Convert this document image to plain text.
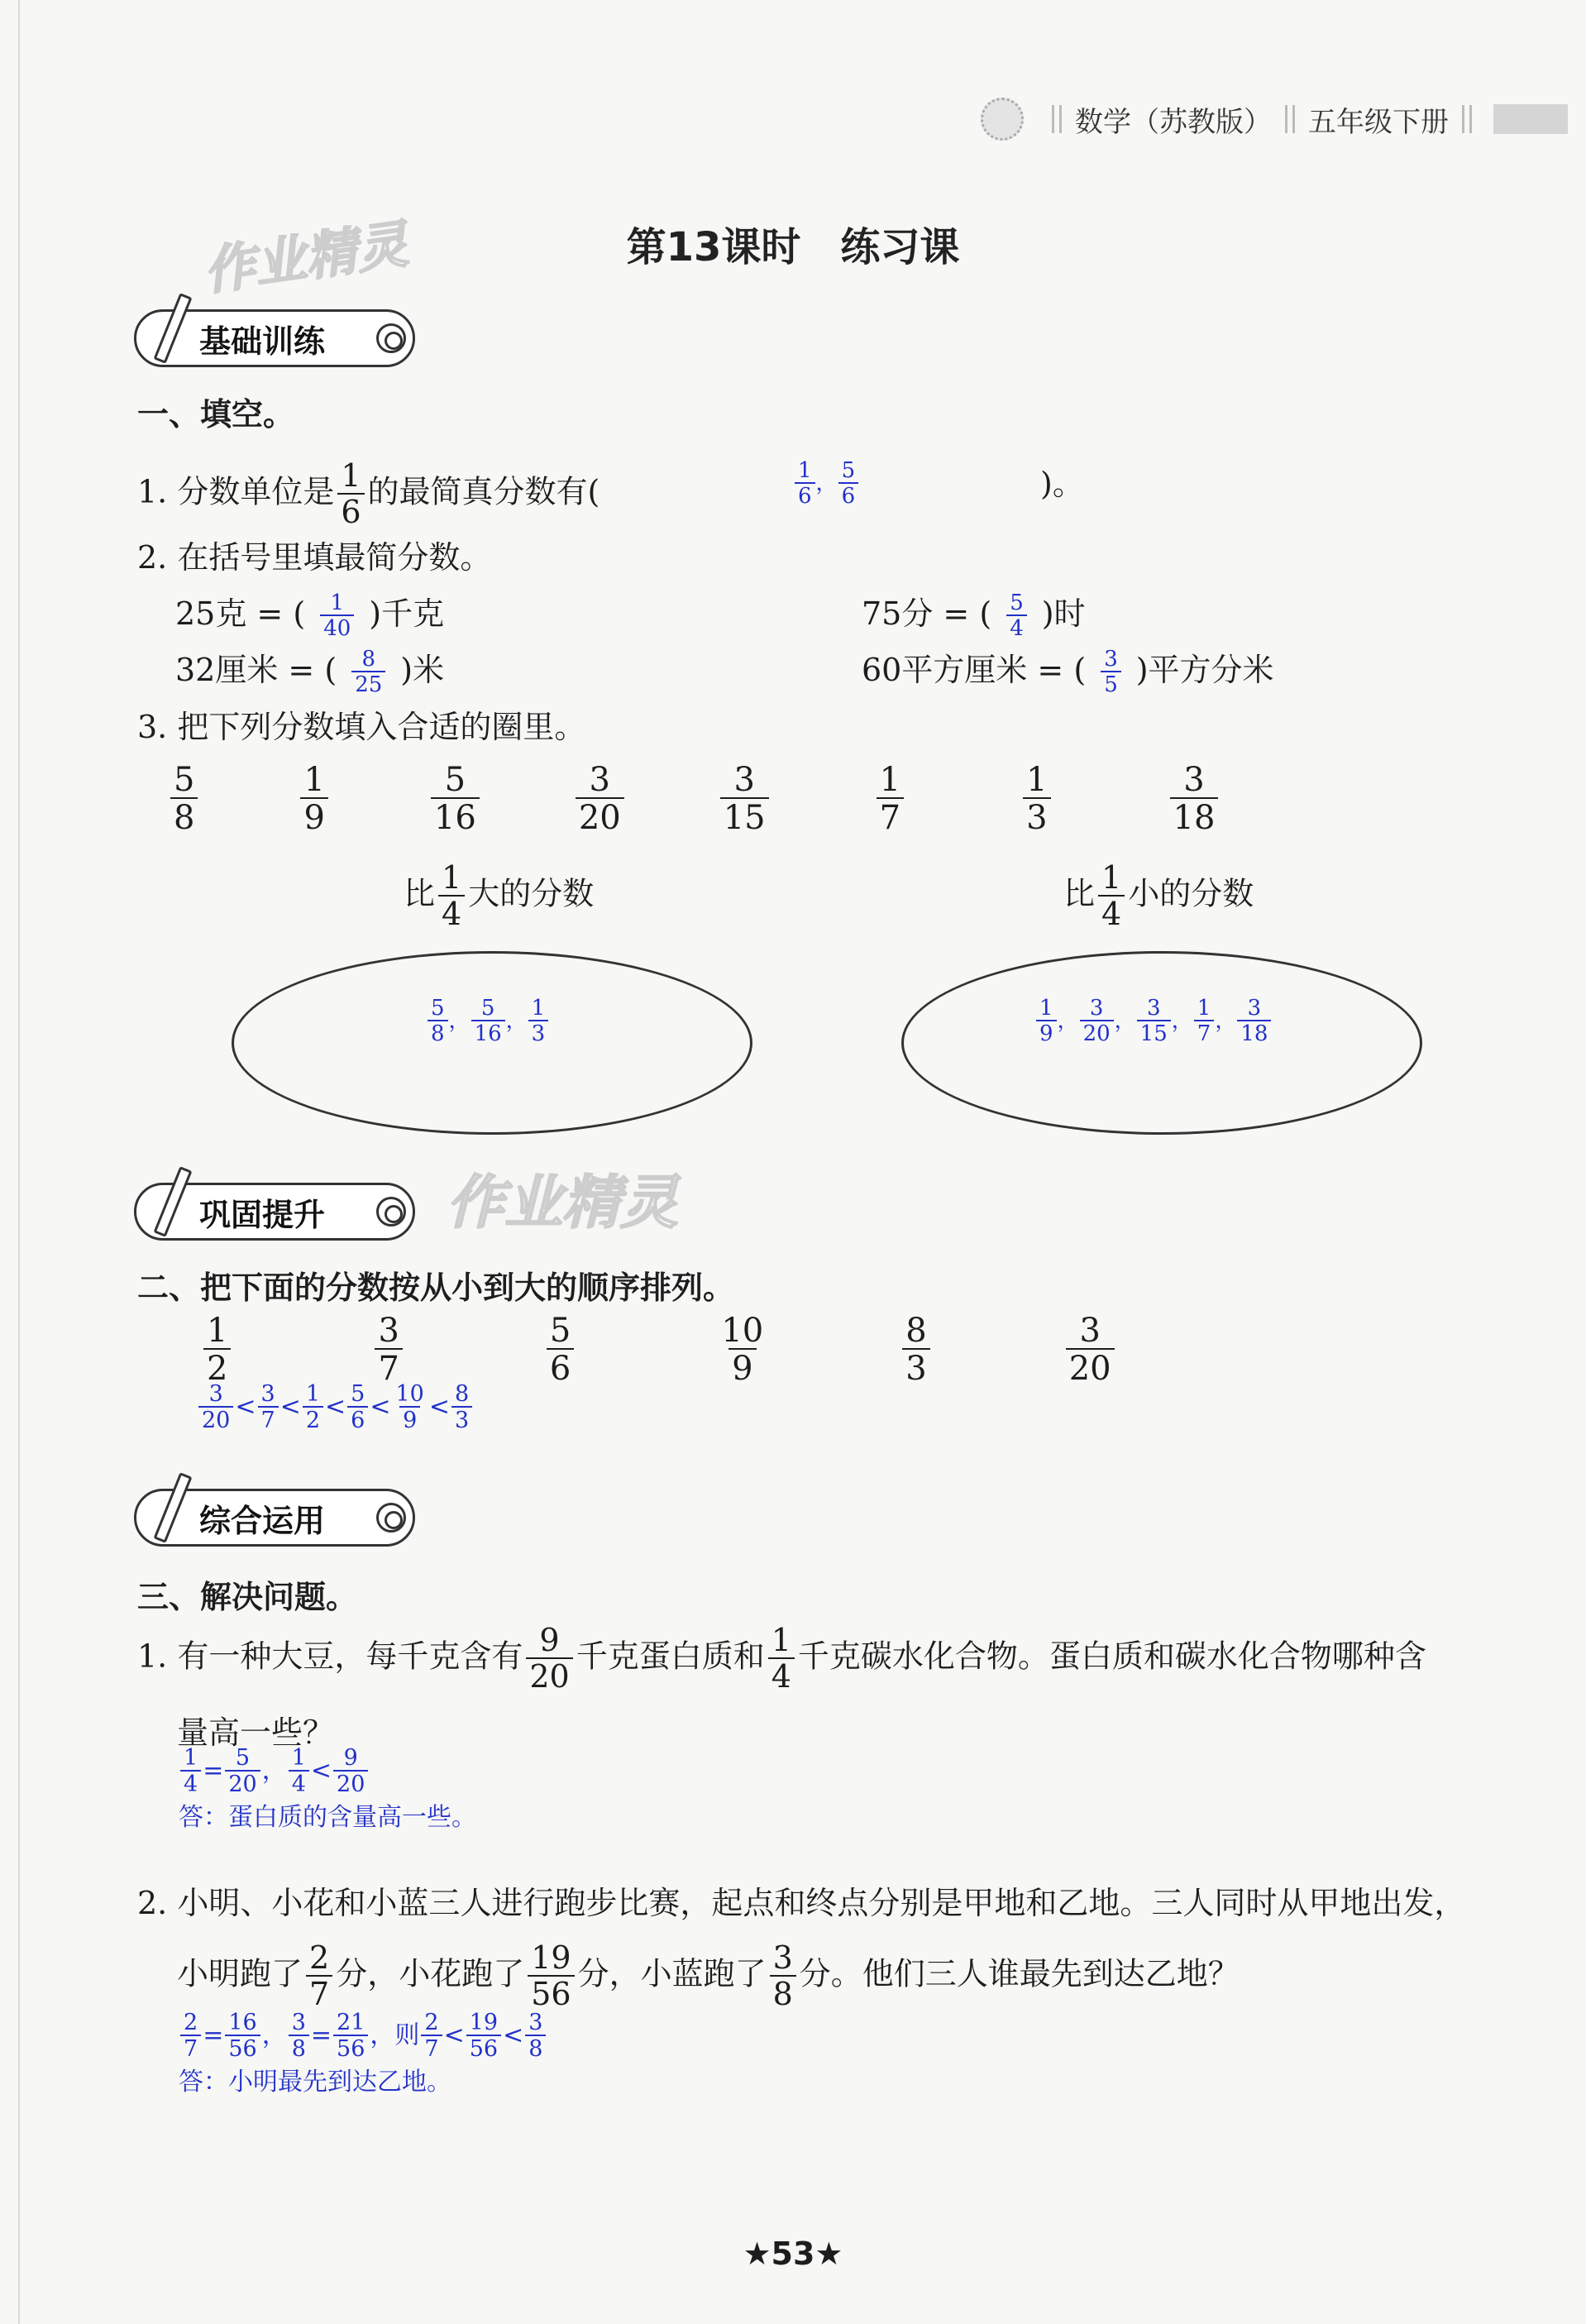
数学（苏教版） 五年级下册
作业精灵
作业精灵
第13课时　练习课
基础训练
一、填空。
1. 分数单位是 $\frac{1}{6}$ 的最简真分数有(	$\frac{1}{6}$ ， $\frac{5}{6}$	)。
2. 在括号里填最简分数。
25克 = ( $\frac{1}{40}$ )千克	75分 = ( $\frac{5}{4}$ )时
32厘米 = ( $\frac{8}{25}$ )米	60平方厘米 = ( $\frac{3}{5}$ )平方分米
3. 把下列分数填入合适的圈里。
$\frac{5}{8}$	$\frac{1}{9}$	$\frac{5}{16}$	$\frac{3}{20}$	$\frac{3}{15}$	$\frac{1}{7}$	$\frac{1}{3}$	$\frac{3}{18}$
比 $\frac{1}{4}$ 大的分数	比 $\frac{1}{4}$ 小的分数
$\frac{5}{8}$ ， $\frac{5}{16}$ ， $\frac{1}{3}$	$\frac{1}{9}$ ， $\frac{3}{20}$ ， $\frac{3}{15}$ ， $\frac{1}{7}$ ， $\frac{3}{18}$
巩固提升
二、把下面的分数按从小到大的顺序排列。
$\frac{1}{2}$	$\frac{3}{7}$	$\frac{5}{6}$	$\frac{10}{9}$	$\frac{8}{3}$	$\frac{3}{20}$
$\frac{3}{20} < \frac{3}{7} < \frac{1}{2} < \frac{5}{6} < \frac{10}{9} < \frac{8}{3}$
综合运用
三、解决问题。
1. 有一种大豆，每千克含有 $\frac{9}{20}$ 千克蛋白质和 $\frac{1}{4}$ 千克碳水化合物。蛋白质和碳水化合物哪种含
量高一些？
$\frac{1}{4} = \frac{5}{20}$ ， $\frac{1}{4} < \frac{9}{20}$
答：蛋白质的含量高一些。
2. 小明、小花和小蓝三人进行跑步比赛，起点和终点分别是甲地和乙地。三人同时从甲地出发，
小明跑了 $\frac{2}{7}$ 分，小花跑了 $\frac{19}{56}$ 分，小蓝跑了 $\frac{3}{8}$ 分。他们三人谁最先到达乙地？
$\frac{2}{7} = \frac{16}{56}$ ， $\frac{3}{8} = \frac{21}{56}$ ，则 $\frac{2}{7} < \frac{19}{56} < \frac{3}{8}$
答：小明最先到达乙地。
★53★
